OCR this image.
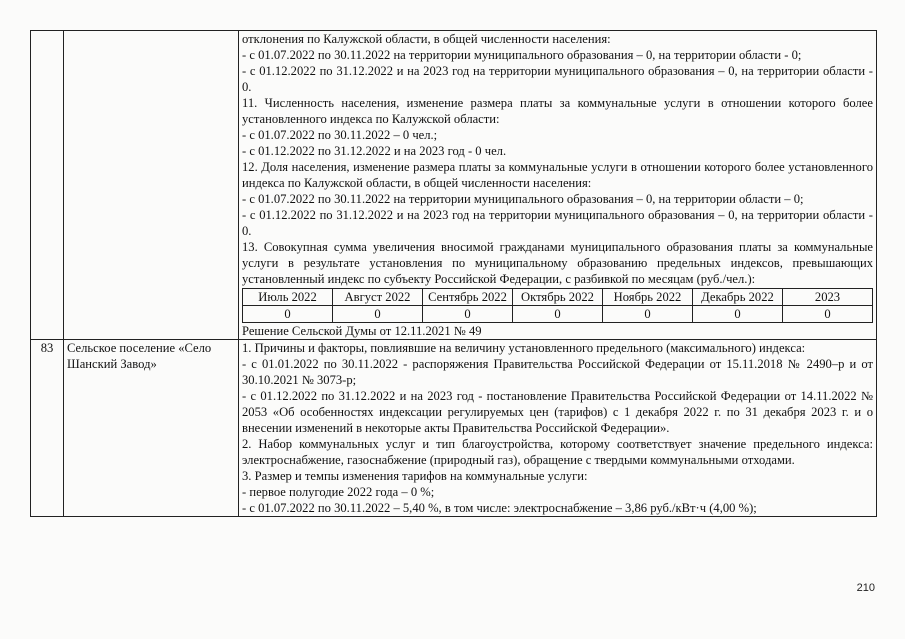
отклонения по Калужской области, в общей численности населения:

- с 01.07.2022 по 30.11.2022 на территории муниципального образования – 0, на территории области - 0;

- с 01.12.2022 по 31.12.2022 и на 2023 год на территории муниципального образования – 0, на территории области - 0.

11. Численность населения, изменение размера платы за коммунальные услуги в отношении которого более установленного индекса по Калужской области:

- с 01.07.2022 по 30.11.2022 – 0 чел.;

- с 01.12.2022 по 31.12.2022 и на 2023 год - 0 чел.

12. Доля населения, изменение размера платы за коммунальные услуги в отношении которого более установленного индекса по Калужской области, в общей численности населения:

- с 01.07.2022 по 30.11.2022 на территории муниципального образования – 0, на территории области – 0;

- с 01.12.2022 по 31.12.2022 и на 2023 год на территории муниципального образования – 0, на территории области - 0.

13. Совокупная сумма увеличения вносимой гражданами муниципального образования платы за коммунальные услуги в результате установления по муниципальному образованию предельных индексов, превышающих установленный индекс по субъекту Российской Федерации, с разбивкой по месяцам (руб./чел.):

Июль 2022	Август 2022	Сентябрь 2022	Октябрь 2022	Ноябрь 2022	Декабрь 2022	2023
0	0	0	0	0	0	0

Решение Сельской Думы от 12.11.2021 № 49

83	Сельское поселение «Село Шанский Завод»	

1. Причины и факторы, повлиявшие на величину установленного предельного (максимального) индекса:

- с 01.01.2022 по 30.11.2022 - распоряжения Правительства Российской Федерации от 15.11.2018 № 2490–р и от 30.10.2021 № 3073-р;

- с 01.12.2022 по 31.12.2022 и на 2023 год - постановление Правительства Российской Федерации от 14.11.2022 № 2053 «Об особенностях индексации регулируемых цен (тарифов) с 1 декабря 2022 г. по 31 декабря 2023 г. и о внесении изменений в некоторые акты Правительства Российской Федерации».

2. Набор коммунальных услуг и тип благоустройства, которому соответствует значение предельного индекса: электроснабжение, газоснабжение (природный газ), обращение с твердыми коммунальными отходами.

3. Размер и темпы изменения тарифов на коммунальные услуги:

- первое полугодие 2022 года – 0 %;

- с 01.07.2022 по 30.11.2022 – 5,40 %, в том числе: электроснабжение – 3,86 руб./кВт·ч (4,00 %);

210
